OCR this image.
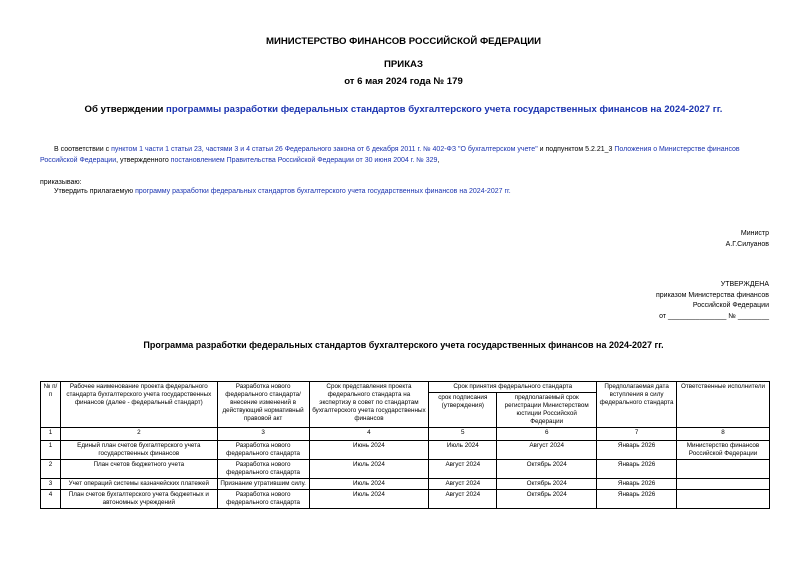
МИНИСТЕРСТВО ФИНАНСОВ РОССИЙСКОЙ ФЕДЕРАЦИИ
ПРИКАЗ
от 6 мая 2024 года № 179
Об утверждении программы разработки федеральных стандартов бухгалтерского учета государственных финансов на 2024-2027 гг.
В соответствии с пунктом 1 части 1 статьи 23, частями 3 и 4 статьи 26 Федерального закона от 6 декабря 2011 г. № 402-ФЗ "О бухгалтерском учете" и подпунктом 5.2.21_3 Положения о Министерстве финансов Российской Федерации, утвержденного постановлением Правительства Российской Федерации от 30 июня 2004 г. № 329,
приказываю:
Утвердить прилагаемую программу разработки федеральных стандартов бухгалтерского учета государственных финансов на 2024-2027 гг.
Министр
А.Г.Силуанов
УТВЕРЖДЕНА
приказом Министерства финансов
Российской Федерации
от _______________ № ________
Программа разработки федеральных стандартов бухгалтерского учета государственных финансов на 2024-2027 гг.
№ п/п	Рабочее наименование проекта федерального стандарта бухгалтерского учета государственных финансов (далее - федеральный стандарт)	Разработка нового федерального стандарта/ внесение изменений в действующий нормативный правовой акт	Срок представления проекта федерального стандарта на экспертизу в совет по стандартам бухгалтерского учета государственных финансов	Срок принятия федерального стандарта		Предполагаемая дата вступления в силу федерального стандарта	Ответственные исполнители
				срок подписания (утверждения)	предполагаемый срок регистрации Министерством юстиции Российской Федерации		
1	2	3	4	5	6	7	8
1	Единый план счетов бухгалтерского учета государственных финансов	Разработка нового федерального стандарта	Июнь 2024	Июль 2024	Август 2024	Январь 2026	Министерство финансов Российской Федерации
2	План счетов бюджетного учета	Разработка нового федерального стандарта	Июль 2024	Август 2024	Октябрь 2024	Январь 2026	
3	Учет операций системы казначейских платежей	Признание утратившим силу.	Июль 2024	Август 2024	Октябрь 2024	Январь 2026	
4	План счетов бухгалтерского учета бюджетных и автономных учреждений	Разработка нового федерального стандарта	Июль 2024	Август 2024	Октябрь 2024	Январь 2026	
